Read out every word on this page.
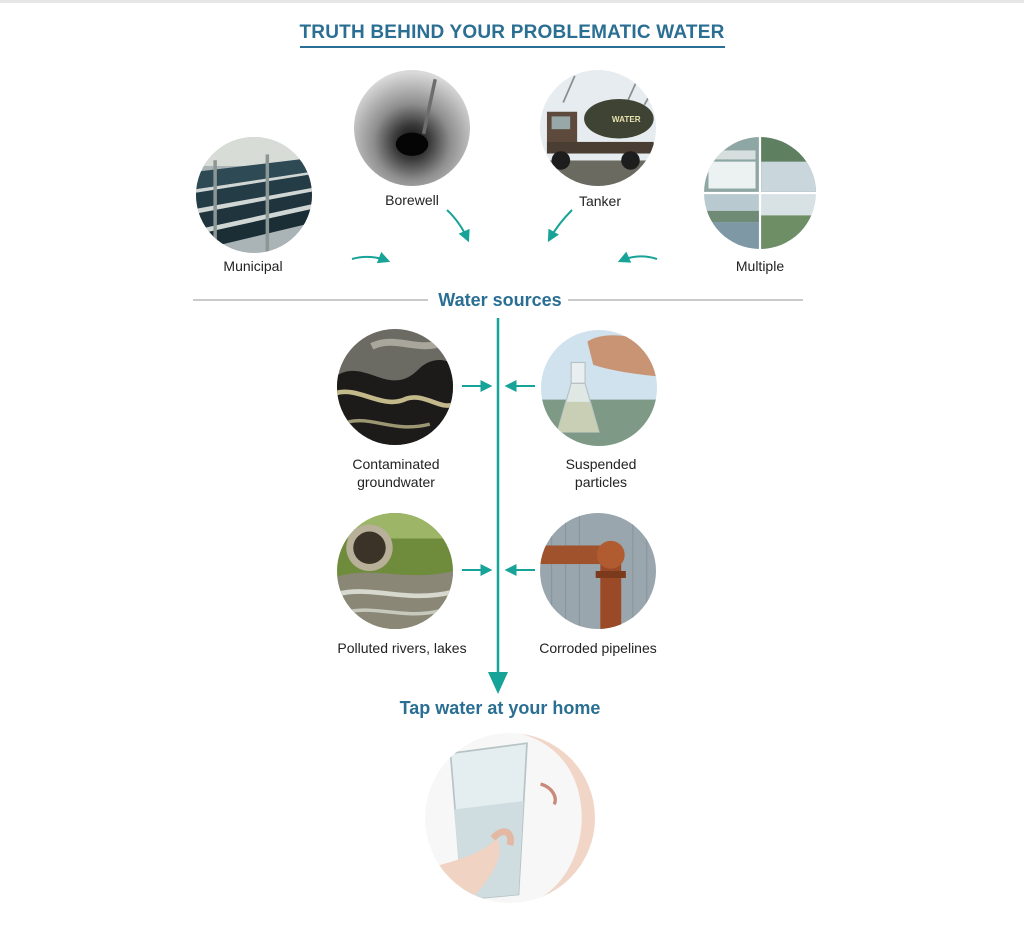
TRUTH BEHIND YOUR PROBLEMATIC WATER
Municipal
Borewell
WATER
Tanker
Multiple
Water sources
Contaminated
groundwater
Suspended
particles
Polluted rivers, lakes	Corroded pipelines
Tap water at your home
